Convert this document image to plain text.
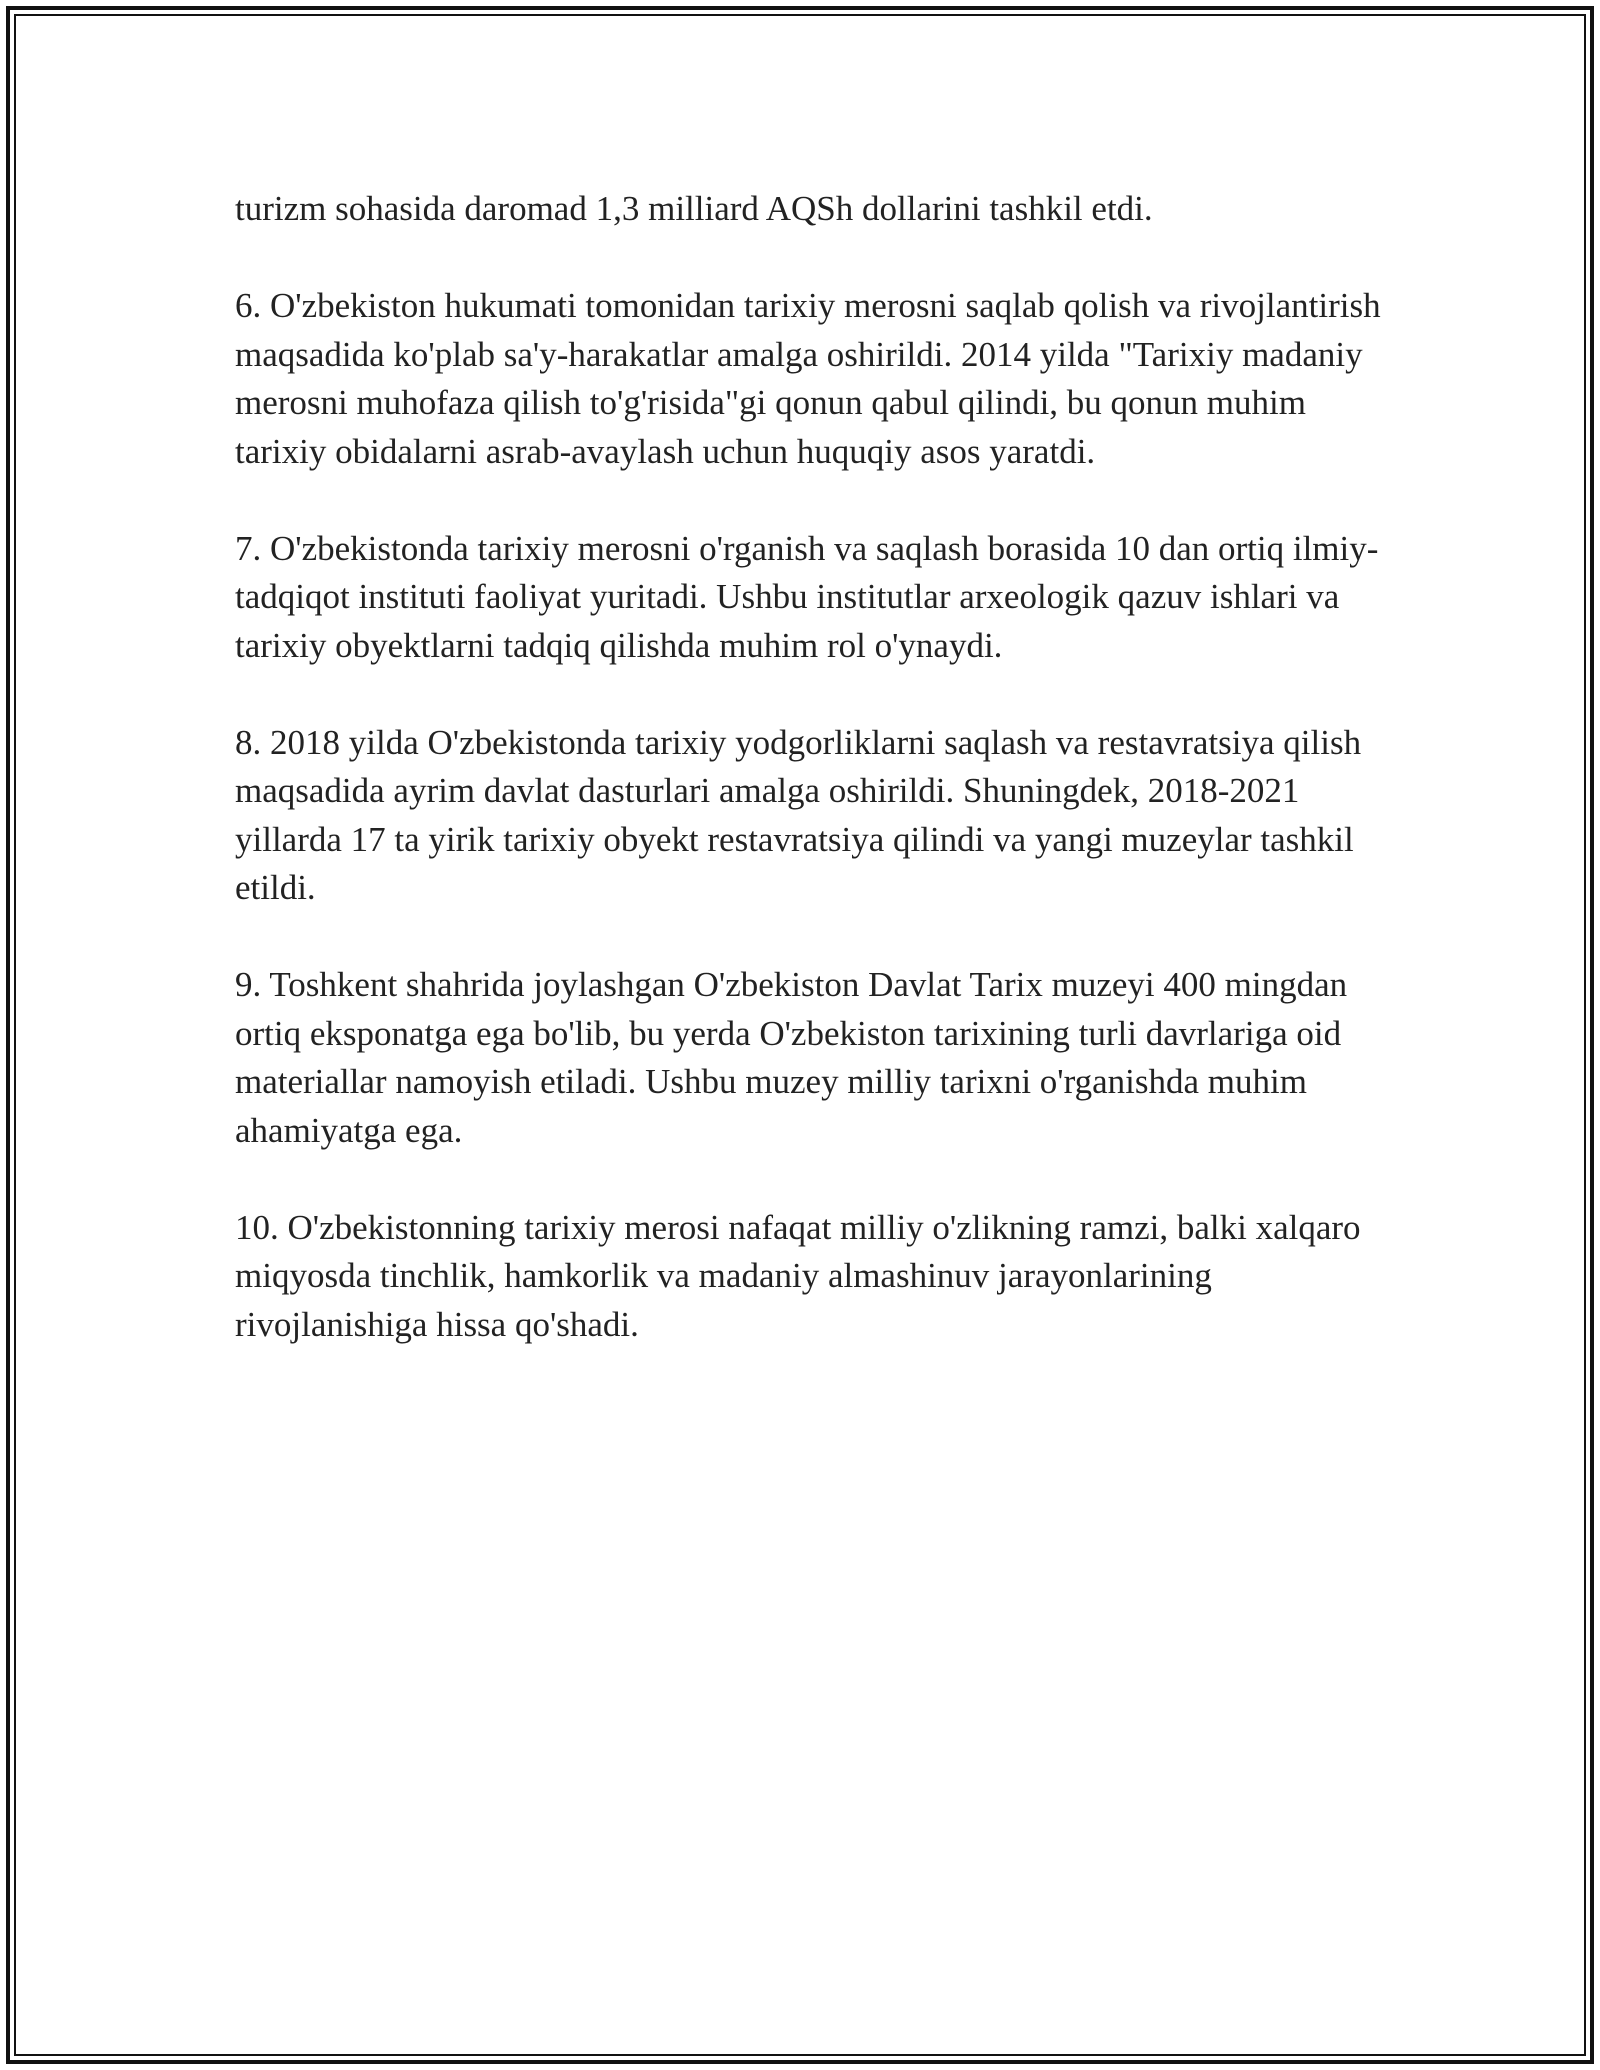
turizm sohasida daromad 1,3 milliard AQSh dollarini tashkil etdi.

6. O'zbekiston hukumati tomonidan tarixiy merosni saqlab qolish va rivojlantirish maqsadida ko'plab sa'y-harakatlar amalga oshirildi. 2014 yilda "Tarixiy madaniy merosni muhofaza qilish to'g'risida"gi qonun qabul qilindi, bu qonun muhim tarixiy obidalarni asrab-avaylash uchun huquqiy asos yaratdi.

7. O'zbekistonda tarixiy merosni o'rganish va saqlash borasida 10 dan ortiq ilmiy-tadqiqot instituti faoliyat yuritadi. Ushbu institutlar arxeologik qazuv ishlari va tarixiy obyektlarni tadqiq qilishda muhim rol o'ynaydi.

8. 2018 yilda O'zbekistonda tarixiy yodgorliklarni saqlash va restavratsiya qilish maqsadida ayrim davlat dasturlari amalga oshirildi. Shuningdek, 2018-2021 yillarda 17 ta yirik tarixiy obyekt restavratsiya qilindi va yangi muzeylar tashkil etildi.

9. Toshkent shahrida joylashgan O'zbekiston Davlat Tarix muzeyi 400 mingdan ortiq eksponatga ega bo'lib, bu yerda O'zbekiston tarixining turli davrlariga oid materiallar namoyish etiladi. Ushbu muzey milliy tarixni o'rganishda muhim ahamiyatga ega.

10. O'zbekistonning tarixiy merosi nafaqat milliy o'zlikning ramzi, balki xalqaro miqyosda tinchlik, hamkorlik va madaniy almashinuv jarayonlarining rivojlanishiga hissa qo'shadi.
